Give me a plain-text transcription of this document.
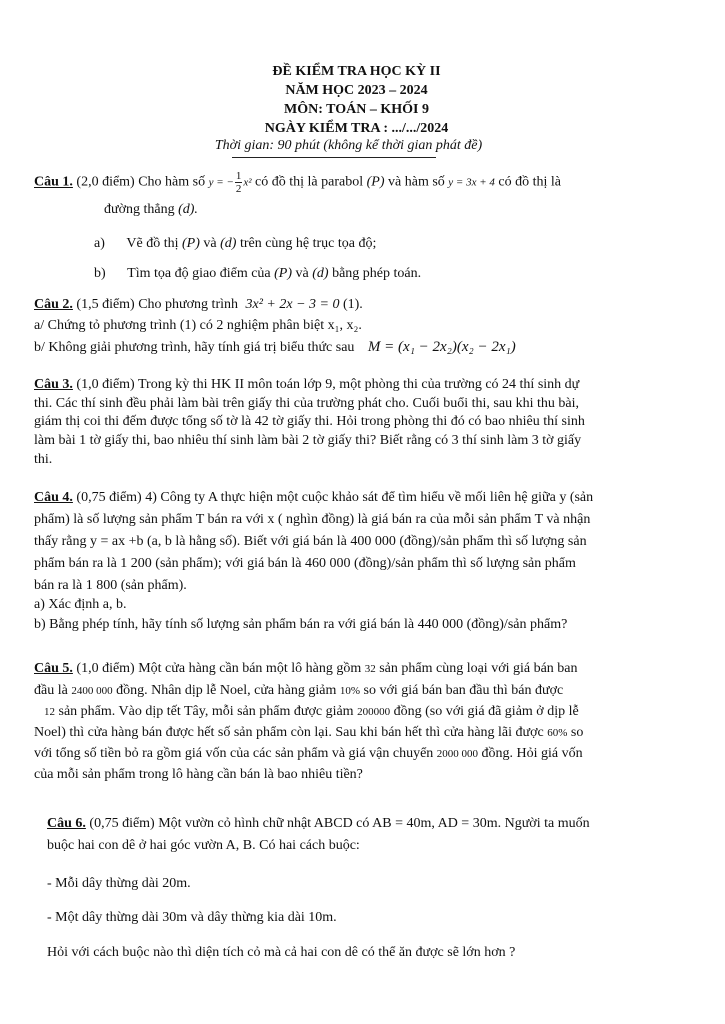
ĐỀ KIỂM TRA HỌC KỲ II
NĂM HỌC 2023 – 2024
MÔN: TOÁN – KHỐI 9
NGÀY KIỂM TRA : .../.../2024
Thời gian: 90 phút (không kể thời gian phát đề)
Câu 1. (2,0 điểm) Cho hàm số y = − $\frac{1}{2} x^2$ có đồ thị là parabol (P) và hàm số y = 3x + 4 có đồ thị là
đường thẳng (d).
a) Vẽ đồ thị (P) và (d) trên cùng hệ trục tọa độ;
b) Tìm tọa độ giao điểm của (P) và (d) bằng phép toán.
Câu 2. (1,5 điểm) Cho phương trình 3x² + 2x − 3 = 0 (1).
a/ Chứng tỏ phương trình (1) có 2 nghiệm phân biệt x₁, x₂.
b/ Không giải phương trình, hãy tính giá trị biểu thức sau M = (x₁ − 2x₂)(x₂ − 2x₁)
Câu 3. (1,0 điểm) Trong kỳ thi HK II môn toán lớp 9, một phòng thi của trường có 24 thí sinh dự
thi. Các thí sinh đều phải làm bài trên giấy thi của trường phát cho. Cuối buổi thi, sau khi thu bài,
giám thị coi thi đếm được tổng số tờ là 42 tờ giấy thi. Hỏi trong phòng thi đó có bao nhiêu thí sinh
làm bài 1 tờ giấy thi, bao nhiêu thí sinh làm bài 2 tờ giấy thi? Biết rằng có 3 thí sinh làm 3 tờ giấy
thi.
Câu 4. (0,75 điểm) 4) Công ty A thực hiện một cuộc khảo sát để tìm hiểu về mối liên hệ giữa y (sản
phẩm) là số lượng sản phẩm T bán ra với x ( nghìn đồng) là giá bán ra của mỗi sản phẩm T và nhận
thấy rằng y = ax +b (a, b là hằng số). Biết với giá bán là 400 000 (đồng)/sản phẩm thì số lượng sản
phẩm bán ra là 1 200 (sản phẩm); với giá bán là 460 000 (đồng)/sản phẩm thì số lượng sản phẩm
bán ra là 1 800 (sản phẩm).
a) Xác định a, b.
b) Bằng phép tính, hãy tính số lượng sản phẩm bán ra với giá bán là 440 000 (đồng)/sản phẩm?
Câu 5. (1,0 điểm) Một cửa hàng cần bán một lô hàng gồm 32 sản phẩm cùng loại với giá bán ban
đầu là 2400 000 đồng. Nhân dịp lễ Noel, cửa hàng giảm 10% so với giá bán ban đầu thì bán được
12 sản phẩm. Vào dịp tết Tây, mỗi sản phẩm được giảm 200000 đồng (so với giá đã giảm ở dịp lễ
Noel) thì cửa hàng bán được hết số sản phẩm còn lại. Sau khi bán hết thì cửa hàng lãi được 60% so
với tổng số tiền bỏ ra gồm giá vốn của các sản phẩm và giá vận chuyển 2000 000 đồng. Hỏi giá vốn
của mỗi sản phẩm trong lô hàng cần bán là bao nhiêu tiền?
Câu 6. (0,75 điểm) Một vườn cỏ hình chữ nhật ABCD có AB = 40m, AD = 30m. Người ta muốn
buộc hai con dê ở hai góc vườn A, B. Có hai cách buộc:
- Mỗi dây thừng dài 20m.
- Một dây thừng dài 30m và dây thừng kia dài 10m.
Hỏi với cách buộc nào thì diện tích cỏ mà cả hai con dê có thể ăn được sẽ lớn hơn ?
